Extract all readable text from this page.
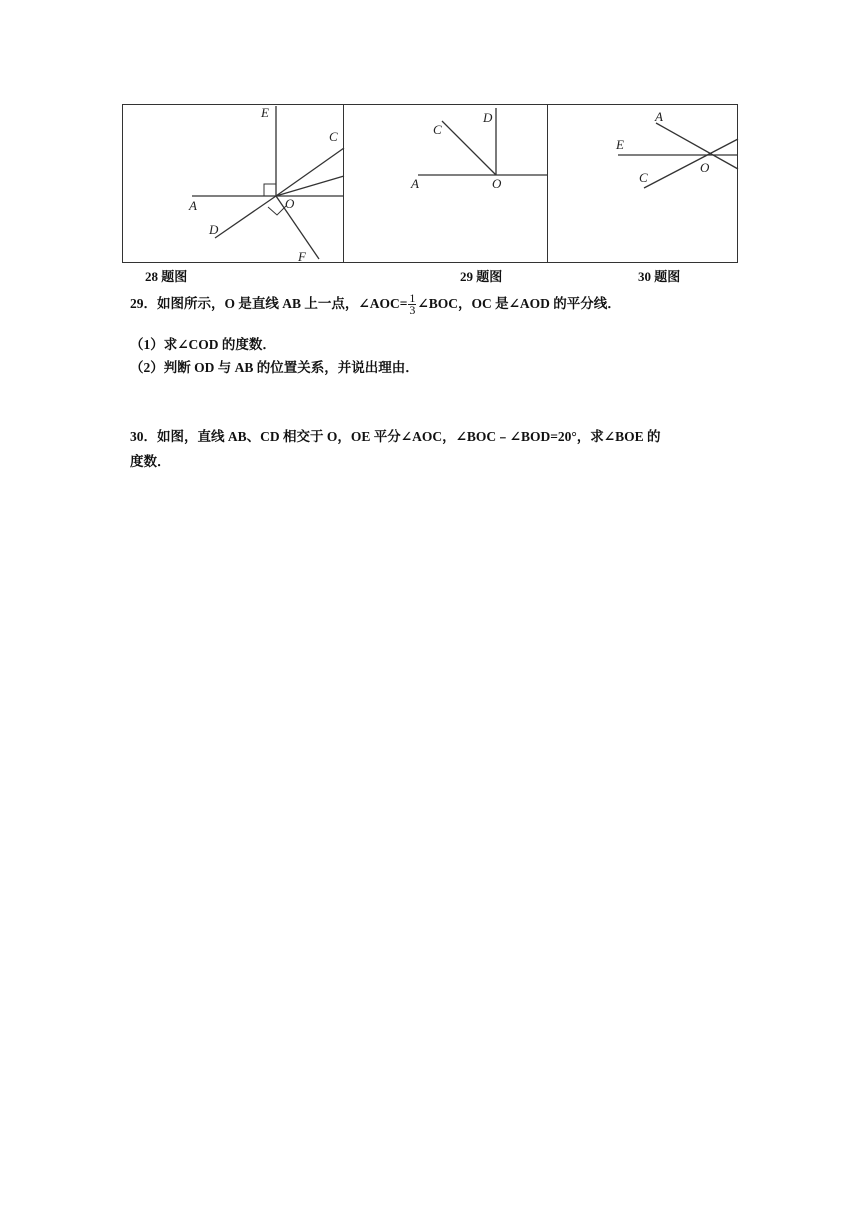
E
C
A	O
D
F
C
D
A	O
A
E
O
C
28 题图	29 题图	30 题图
29．如图所示，O 是直线 AB 上一点，∠AOC= $\frac{1}{3}$ ∠BOC，OC 是∠AOD 的平分线．
（1）求∠COD 的度数．
（2）判断 OD 与 AB 的位置关系，并说出理由．
30．如图，直线 AB、CD 相交于 O，OE 平分∠AOC，∠BOC﹣∠BOD=20°，求∠BOE 的
度数．
